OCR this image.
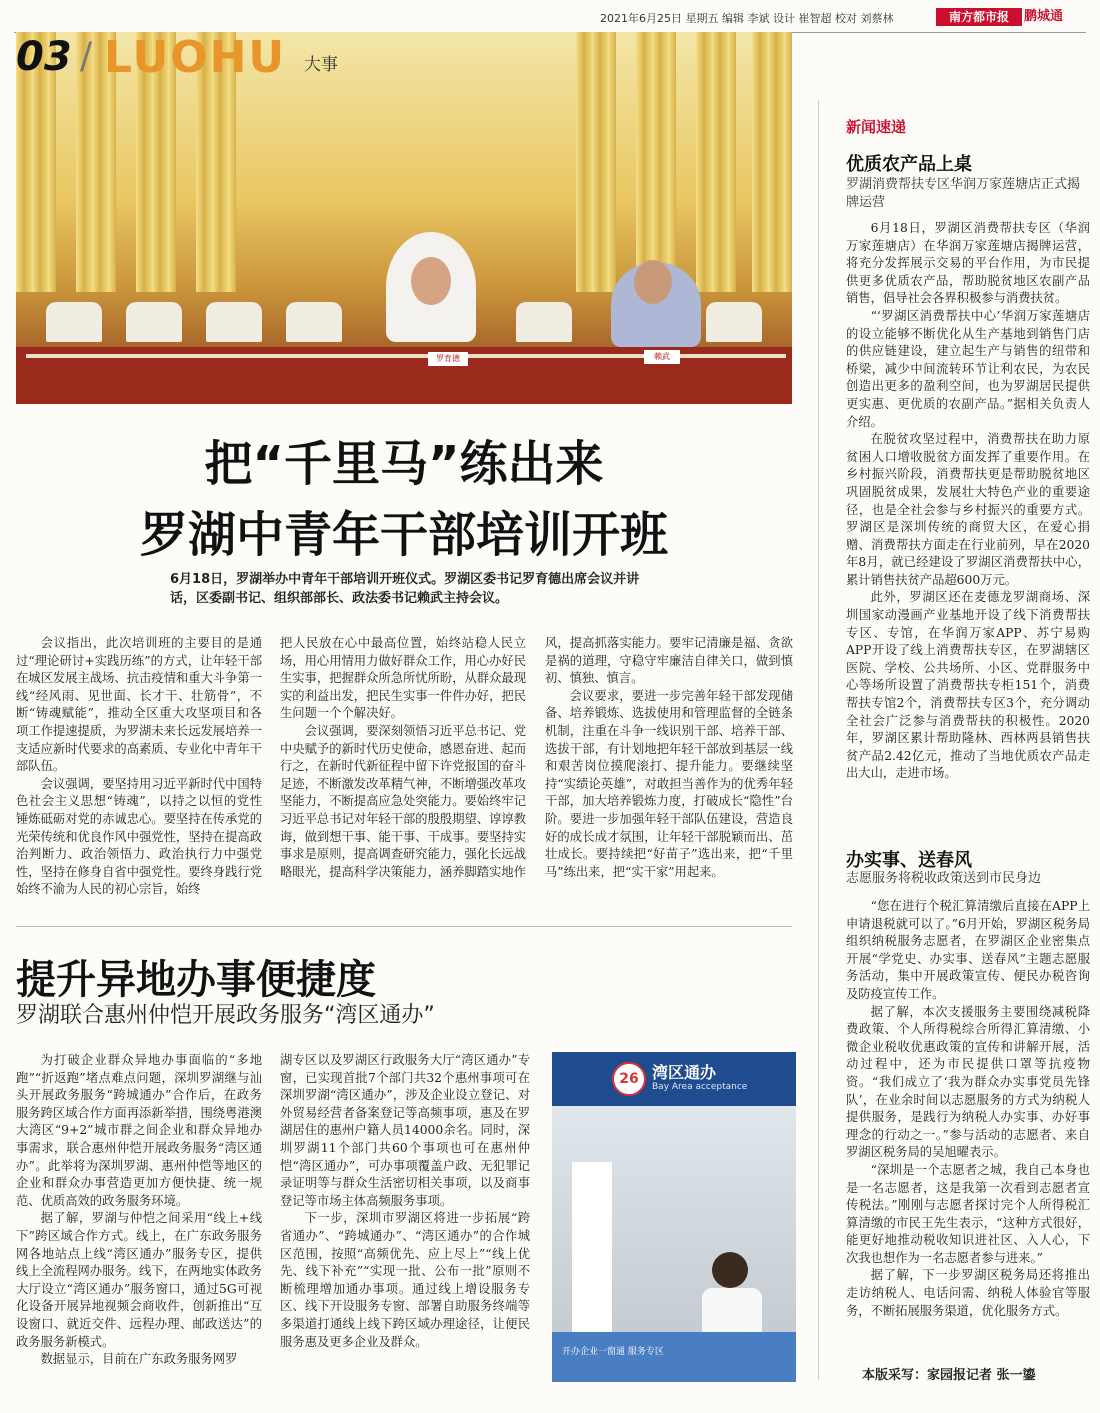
2021年6月25日 星期五 编辑 李斌 设计 崔智超 校对 刘蔡林	南方都市报	鹏城通
罗育德	赖武
03 / LUOHU 大事
把“千里马”练出来
罗湖中青年干部培训开班
6月18日，罗湖举办中青年干部培训开班仪式。罗湖区委书记罗育德出席会议并讲话，区委副书记、组织部部长、政法委书记赖武主持会议。

会议指出，此次培训班的主要目的是通过“理论研讨+实践历练”的方式，让年轻干部在城区发展主战场、抗击疫情和重大斗争第一线“经风雨、见世面、长才干、壮筋骨”，不断“铸魂赋能”，推动全区重大攻坚项目和各项工作提速提质，为罗湖未来长远发展培养一支适应新时代要求的高素质、专业化中青年干部队伍。

会议强调，要坚持用习近平新时代中国特色社会主义思想“铸魂”，以持之以恒的党性锤炼砥砺对党的赤诚忠心。要坚持在传承党的光荣传统和优良作风中强党性，坚持在提高政治判断力、政治领悟力、政治执行力中强党性，坚持在修身自省中强党性。要终身践行党始终不渝为人民的初心宗旨，始终

把人民放在心中最高位置，始终站稳人民立场，用心用情用力做好群众工作，用心办好民生实事，把握群众所急所忧所盼，从群众最现实的利益出发，把民生实事一件件办好，把民生问题一个个解决好。

会议强调，要深刻领悟习近平总书记、党中央赋予的新时代历史使命，感恩奋进、起而行之，在新时代新征程中留下许党报国的奋斗足迹，不断激发改革精气神，不断增强改革攻坚能力，不断提高应急处突能力。要始终牢记习近平总书记对年轻干部的殷殷期望、谆谆教诲，做到想干事、能干事、干成事。要坚持实事求是原则，提高调查研究能力，强化长远战略眼光，提高科学决策能力，涵养脚踏实地作

风，提高抓落实能力。要牢记清廉是福、贪欲是祸的道理，守稳守牢廉洁自律关口，做到慎初、慎独、慎言。

会议要求，要进一步完善年轻干部发现储备、培养锻炼、选拔使用和管理监督的全链条机制，注重在斗争一线识别干部、培养干部、选拔干部，有计划地把年轻干部放到基层一线和艰苦岗位摸爬滚打、提升能力。要继续坚持“实绩论英雄”，对敢担当善作为的优秀年轻干部，加大培养锻炼力度，打破成长“隐性”台阶。要进一步加强年轻干部队伍建设，营造良好的成长成才氛围，让年轻干部脱颖而出、茁壮成长。要持续把“好苗子”选出来，把“千里马”练出来，把“实干家”用起来。

提升异地办事便捷度
罗湖联合惠州仲恺开展政务服务“湾区通办”

为打破企业群众异地办事面临的“多地跑”“折返跑”堵点难点问题，深圳罗湖继与汕头开展政务服务“跨城通办”合作后，在政务服务跨区域合作方面再添新举措，围绕粤港澳大湾区“9+2”城市群之间企业和群众异地办事需求，联合惠州仲恺开展政务服务“湾区通办”。此举将为深圳罗湖、惠州仲恺等地区的企业和群众办事营造更加方便快捷、统一规范、优质高效的政务服务环境。

据了解，罗湖与仲恺之间采用“线上+线下”跨区域合作方式。线上，在广东政务服务网各地站点上线“湾区通办”服务专区，提供线上全流程网办服务。线下，在两地实体政务大厅设立“湾区通办”服务窗口，通过5G可视化设备开展异地视频会商收件，创新推出“互设窗口、就近交件、远程办理、邮政送达”的政务服务新模式。

数据显示，目前在广东政务服务网罗

湖专区以及罗湖区行政服务大厅“湾区通办”专窗，已实现首批7个部门共32个惠州事项可在深圳罗湖“湾区通办”，涉及企业设立登记、对外贸易经营者备案登记等高频事项，惠及在罗湖居住的惠州户籍人员14000余名。同时，深圳罗湖11个部门共60个事项也可在惠州仲恺“湾区通办”，可办事项覆盖户政、无犯罪记录证明等与群众生活密切相关事项，以及商事登记等市场主体高频服务事项。

下一步，深圳市罗湖区将进一步拓展“跨省通办”、“跨城通办”、“湾区通办”的合作城区范围，按照“高频优先、应上尽上”“线上优先、线下补充”“实现一批、公布一批”原则不断梳理增加通办事项。通过线上增设服务专区、线下开设服务专窗、部署自助服务终端等多渠道打通线上线下跨区域办理途径，让便民服务惠及更多企业及群众。

26 湾区通办
Bay Area acceptance
开办企业一窗通 服务专区
新闻速递
优质农产品上桌
罗湖消费帮扶专区华润万家莲塘店正式揭牌运营

6月18日，罗湖区消费帮扶专区（华润万家莲塘店）在华润万家莲塘店揭牌运营，将充分发挥展示交易的平台作用，为市民提供更多优质农产品，帮助脱贫地区农副产品销售，倡导社会各界积极参与消费扶贫。

“‘罗湖区消费帮扶中心’华润万家莲塘店的设立能够不断优化从生产基地到销售门店的供应链建设，建立起生产与销售的纽带和桥梁，减少中间流转环节让利农民，为农民创造出更多的盈利空间，也为罗湖居民提供更实惠、更优质的农副产品。”据相关负责人介绍。

在脱贫攻坚过程中，消费帮扶在助力原贫困人口增收脱贫方面发挥了重要作用。在乡村振兴阶段，消费帮扶更是帮助脱贫地区巩固脱贫成果，发展壮大特色产业的重要途径，也是全社会参与乡村振兴的重要方式。罗湖区是深圳传统的商贸大区，在爱心捐赠、消费帮扶方面走在行业前列，早在2020年8月，就已经建设了罗湖区消费帮扶中心，累计销售扶贫产品超600万元。

此外，罗湖区还在麦德龙罗湖商场、深圳国家动漫画产业基地开设了线下消费帮扶专区、专馆，在华润万家APP、苏宁易购APP开设了线上消费帮扶专区，在罗湖辖区医院、学校、公共场所、小区、党群服务中心等场所设置了消费帮扶专柜151个，消费帮扶专馆2个，消费帮扶专区3个，充分调动全社会广泛参与消费帮扶的积极性。2020年，罗湖区累计帮助隆林、西林两县销售扶贫产品2.42亿元，推动了当地优质农产品走出大山，走进市场。

办实事、送春风
志愿服务将税收政策送到市民身边

“您在进行个税汇算清缴后直接在APP上申请退税就可以了。”6月开始，罗湖区税务局组织纳税服务志愿者，在罗湖区企业密集点开展“学党史、办实事、送春风”主题志愿服务活动，集中开展政策宣传、便民办税咨询及防疫宣传工作。

据了解，本次支援服务主要围绕减税降费政策、个人所得税综合所得汇算清缴、小微企业税收优惠政策的宣传和讲解开展，活动过程中，还为市民提供口罩等抗疫物资。“我们成立了‘我为群众办实事党员先锋队’，在业余时间以志愿服务的方式为纳税人提供服务，是践行为纳税人办实事、办好事理念的行动之一。”参与活动的志愿者、来自罗湖区税务局的吴旭曜表示。

“深圳是一个志愿者之城，我自己本身也是一名志愿者，这是我第一次看到志愿者宣传税法。”刚刚与志愿者探讨完个人所得税汇算清缴的市民王先生表示，“这种方式很好，能更好地推动税收知识进社区、入人心，下次我也想作为一名志愿者参与进来。”

据了解，下一步罗湖区税务局还将推出走访纳税人、电话问需、纳税人体验官等服务，不断拓展服务渠道，优化服务方式。

本版采写：家园报记者 张一鎏
